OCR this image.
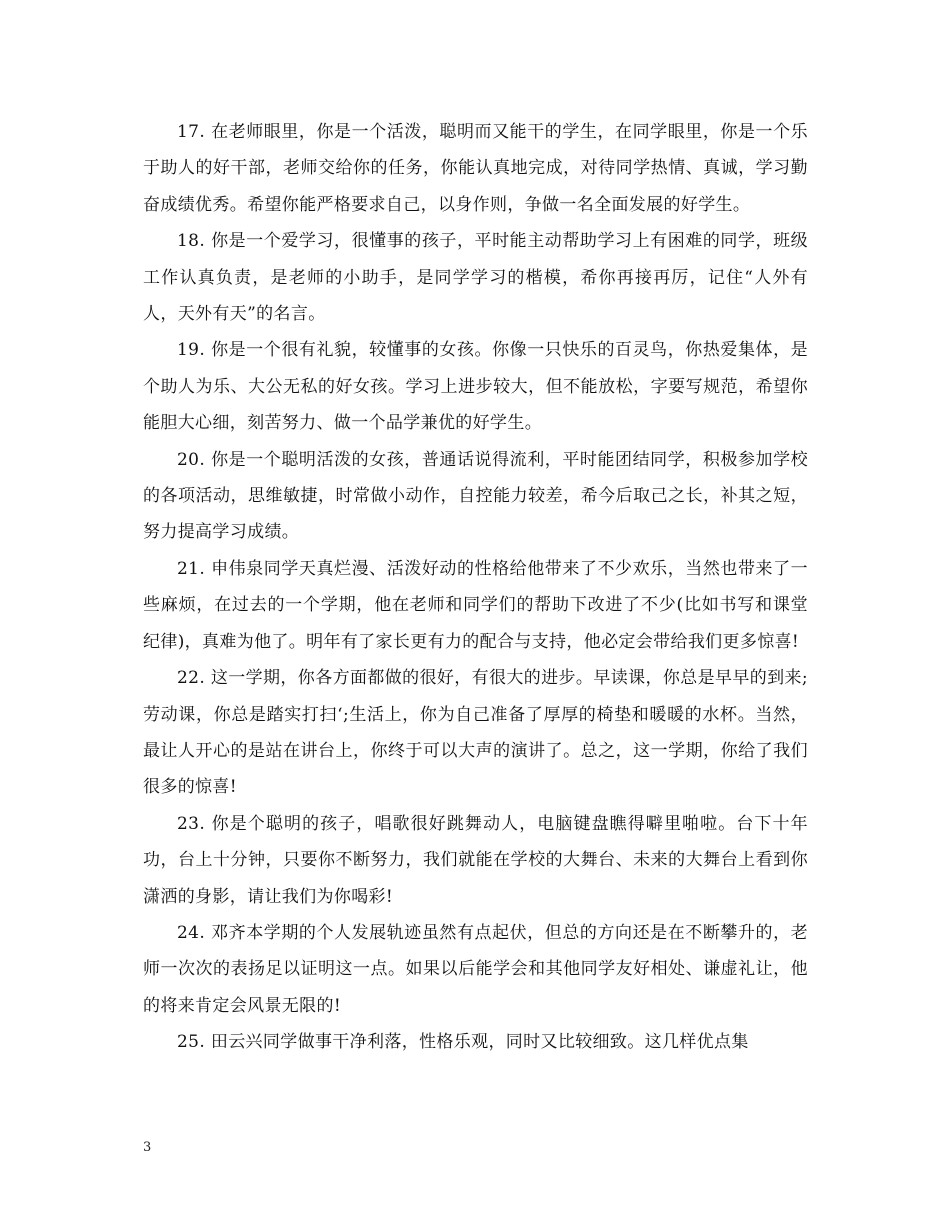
17. 在老师眼里，你是一个活泼，聪明而又能干的学生，在同学眼里，你是一个乐于助人的好干部，老师交给你的任务，你能认真地完成，对待同学热情、真诚，学习勤奋成绩优秀。希望你能严格要求自己，以身作则，争做一名全面发展的好学生。

18. 你是一个爱学习，很懂事的孩子，平时能主动帮助学习上有困难的同学，班级工作认真负责，是老师的小助手，是同学学习的楷模，希你再接再厉，记住“人外有人，天外有天”的名言。

19. 你是一个很有礼貌，较懂事的女孩。你像一只快乐的百灵鸟，你热爱集体，是个助人为乐、大公无私的好女孩。学习上进步较大，但不能放松，字要写规范，希望你能胆大心细，刻苦努力、做一个品学兼优的好学生。

20. 你是一个聪明活泼的女孩，普通话说得流利，平时能团结同学，积极参加学校的各项活动，思维敏捷，时常做小动作，自控能力较差，希今后取己之长，补其之短，努力提高学习成绩。

21. 申伟泉同学天真烂漫、活泼好动的性格给他带来了不少欢乐，当然也带来了一些麻烦，在过去的一个学期，他在老师和同学们的帮助下改进了不少(比如书写和课堂纪律)，真难为他了。明年有了家长更有力的配合与支持，他必定会带给我们更多惊喜!

22. 这一学期，你各方面都做的很好，有很大的进步。早读课，你总是早早的到来;劳动课，你总是踏实打扫‘;生活上，你为自己准备了厚厚的椅垫和暖暖的水杯。当然，最让人开心的是站在讲台上，你终于可以大声的演讲了。总之，这一学期，你给了我们很多的惊喜!

23. 你是个聪明的孩子，唱歌很好跳舞动人，电脑键盘瞧得噼里啪啦。台下十年功，台上十分钟，只要你不断努力，我们就能在学校的大舞台、未来的大舞台上看到你潇洒的身影，请让我们为你喝彩!

24. 邓齐本学期的个人发展轨迹虽然有点起伏，但总的方向还是在不断攀升的，老师一次次的表扬足以证明这一点。如果以后能学会和其他同学友好相处、谦虚礼让，他的将来肯定会风景无限的!

25. 田云兴同学做事干净利落，性格乐观，同时又比较细致。这几样优点集

3
